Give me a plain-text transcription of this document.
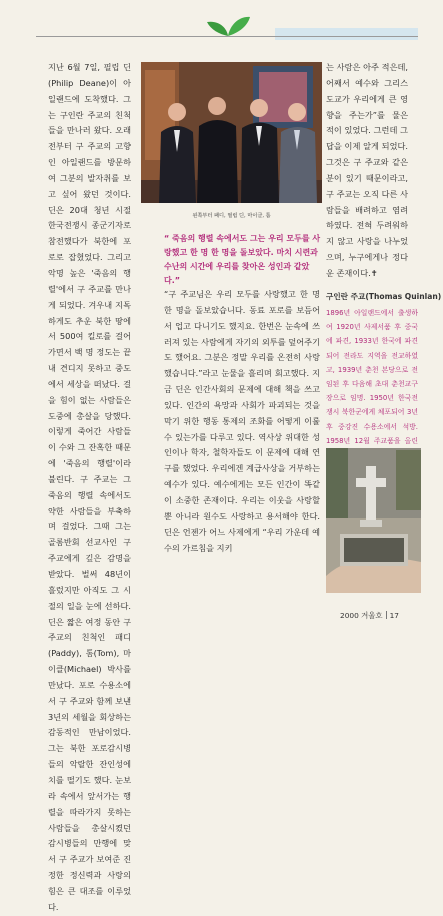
지난 6월 7일, 필립 딘(Philip Deane)이 아일랜드에 도착했다. 그는 구인란 주교의 친척들을 만나러 왔다. 오래 전부터 구 주교의 고향인 아일랜드를 방문하여 그분의 발자취를 보고 싶어 왔던 것이다. 딘은 20대 청년 시절 한국전쟁시 종군기자로 참전했다가 북한에 포로로 잡혔었다. 그리고 악명 높은 '죽음의 행렬'에서 구 주교를 만나게 되었다. 겨우내 지독하게도 추운 북한 땅에서 500여 킬로를 걸어가면서 백 명 정도는 끝내 견디지 못하고 중도에서 세상을 떠났다. 걸을 힘이 없는 사람들은 도중에 총살을 당했다. 이렇게 죽어간 사람들이 수와 그 잔혹한 때문에 '죽음의 행렬'이라 불린다. 구 주교는 그 죽음의 행렬 속에서도 약한 사람들을 부축하며 걸었다. 그때 그는 골롬반회 선교사인 구 주교에게 깊은 감명을 받았다. 벌써 48년이 흘렀지만 아직도 그 시절의 일을 눈에 선하다. 딘은 짧은 여정 동안 구 주교의 친척인 패디(Paddy), 톰(Tom), 마이클(Michael) 박사를 만났다. 포로 수용소에서 구 주교와 함께 보낸 3년의 세월을 회상하는 감동적인 만남이었다. 그는 북한 포로감시병들의 악랄한 잔인성에 치를 떨기도 했다. 눈보라 속에서 앞서가는 행렬을 따라가지 못하는 사람들을 총살시켰던 감시병들의 만행에 맞서 구 주교가 보여준 진정한 정신력과 사랑의 힘은 큰 대조를 이루었다.

왼쪽부터 패디, 필립 딘, 마이클, 톰

“ 죽음의 행렬 속에서도 그는 우리 모두를 사랑했고 한 명 한 명을 돌보았다. 마치 시련과 수난의 시간에 우리를 찾아온 성인과 같았다.”

“구 주교님은 우리 모두를 사랑했고 한 명 한 명을 돌보았습니다. 동료 포로를 보듬어서 업고 다니기도 했지요. 한번은 눈속에 쓰러져 있는 사람에게 자기의 외투를 덮어주기도 했어요. 그분은 정말 우리를 온전히 사랑했습니다.”라고 눈물을 흘리며 회고했다. 지금 딘은 인간사회의 문제에 대해 책을 쓰고 있다. 인간의 욕망과 사회가 파괴되는 것을 막기 위한 행동 통제의 조화를 어떻게 이룰 수 있는가를 다루고 있다. 역사상 위대한 성인이나 학자, 철학자들도 이 문제에 대해 연구를 했었다. 우리에겐 계급사상을 거부하는 예수가 있다. 예수에게는 모든 인간이 똑같이 소중한 존재이다. 우리는 이웃을 사랑할 뿐 아니라 원수도 사랑하고 용서해야 한다. 딘은 언젠가 어느 사제에게 “우리 가운데 예수의 가르침을 지키

는 사람은 아주 적은데, 어째서 예수와 그리스도교가 우리에게 큰 영향을 주는가”를 물은 적이 있었다. 그런데 그 답을 이제 알게 되었다. 그것은 구 주교와 같은 분이 있기 때문이라고, 구 주교는 오직 다른 사람들을 배려하고 염려하였다. 전혀 두려워하지 않고 사랑을 나누었으며, 누구에게나 정다운 존재이다.✝

구인란 주교(Thomas Quinlan)

1896년 아일랜드에서 출생하여 1920년 사제서품 후 중국에 파견, 1933년 한국에 파견되어 전라도 지역을 전교하였고, 1939년 춘천 본당으로 전임된 후 다음해 초대 춘천교구장으로 임명. 1950년 한국전쟁시 북한군에게 체포되어 3년 후 중강진 수용소에서 석방. 1958년 12월 주교품을 올린

2000 겨울호 17
